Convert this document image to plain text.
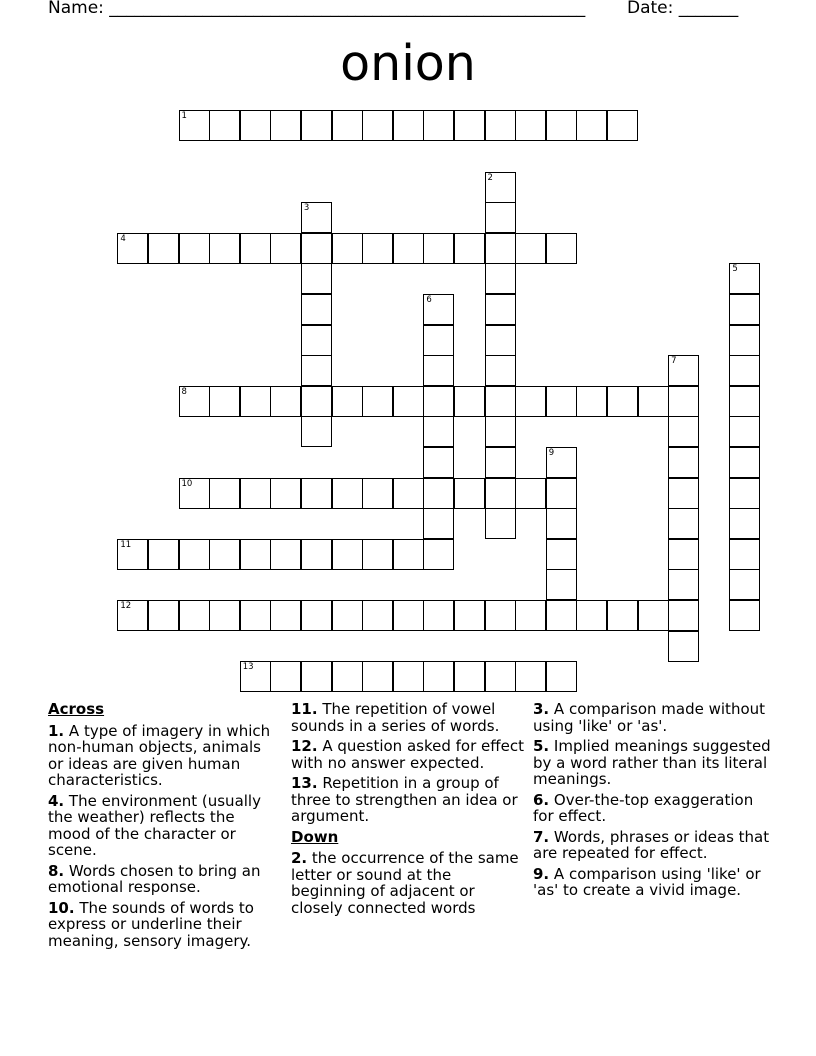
Name: ________________________________________________________ Date: _______
onion
1
2
3
4
5
6
7
8
9
10
11
12
13
Across
1. A type of imagery in which non-human objects, animals or ideas are given human characteristics.
4. The environment (usually the weather) reflects the mood of the character or scene.
8. Words chosen to bring an emotional response.
10. The sounds of words to express or underline their meaning, sensory imagery.
11. The repetition of vowel sounds in a series of words.
12. A question asked for effect with no answer expected.
13. Repetition in a group of three to strengthen an idea or argument.
Down
2. the occurrence of the same letter or sound at the beginning of adjacent or closely connected words
3. A comparison made without using 'like' or 'as'.
5. Implied meanings suggested by a word rather than its literal meanings.
6. Over-the-top exaggeration for effect.
7. Words, phrases or ideas that are repeated for effect.
9. A comparison using 'like' or 'as' to create a vivid image.
